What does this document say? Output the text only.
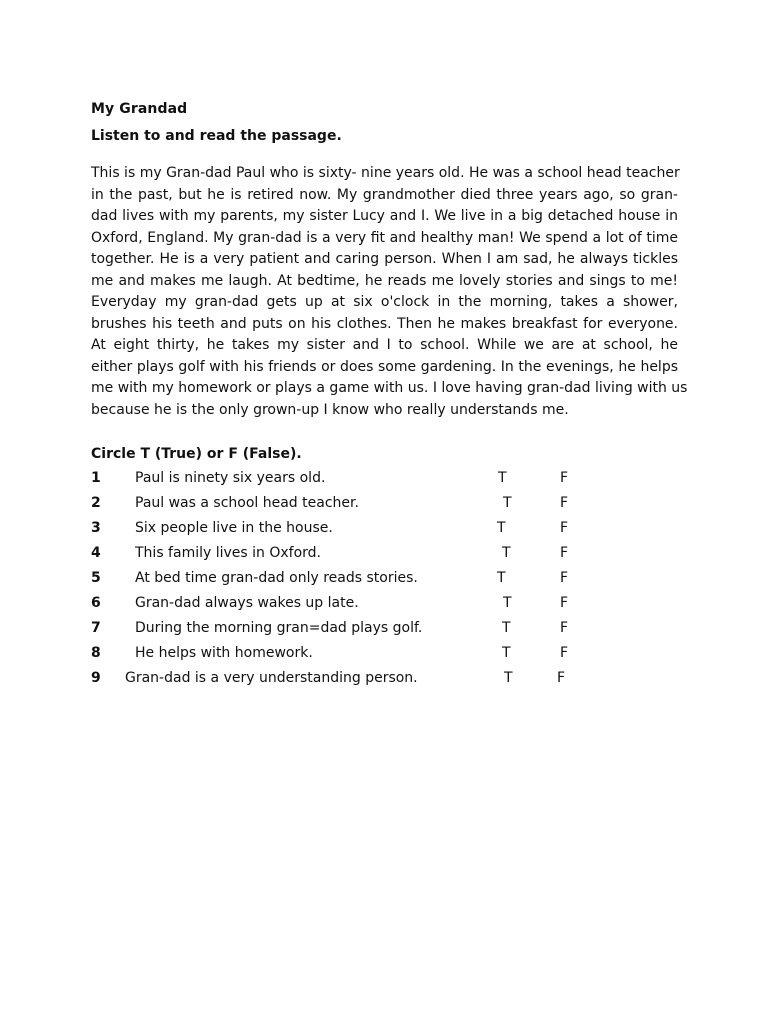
My Grandad
Listen to and read the passage.

This is my Gran-dad Paul who is sixty- nine years old. He was a school head teacher
in the past, but he is retired now. My grandmother died three years ago, so gran-
dad lives with my parents, my sister Lucy and I. We live in a big detached house in
Oxford, England. My gran-dad is a very fit and healthy man! We spend a lot of time
together. He is a very patient and caring person. When I am sad, he always tickles
me and makes me laugh. At bedtime, he reads me lovely stories and sings to me!
Everyday my gran-dad gets up at six o'clock in the morning, takes a shower,
brushes his teeth and puts on his clothes. Then he makes breakfast for everyone.
At eight thirty, he takes my sister and I to school. While we are at school, he
either plays golf with his friends or does some gardening. In the evenings, he helps
me with my homework or plays a game with us. I love having gran-dad living with us
because he is the only grown-up I know who really understands me.

Circle T (True) or F (False).
1 Paul is ninety six years old.	T	F
2 Paul was a school head teacher.	T	F
3 Six people live in the house.	T	F
4 This family lives in Oxford.	T	F
5 At bed time gran-dad only reads stories.	T	F
6 Gran-dad always wakes up late.	T	F
7 During the morning gran=dad plays golf.	T	F
8 He helps with homework.	T	F
9 Gran-dad is a very understanding person.	T	F
